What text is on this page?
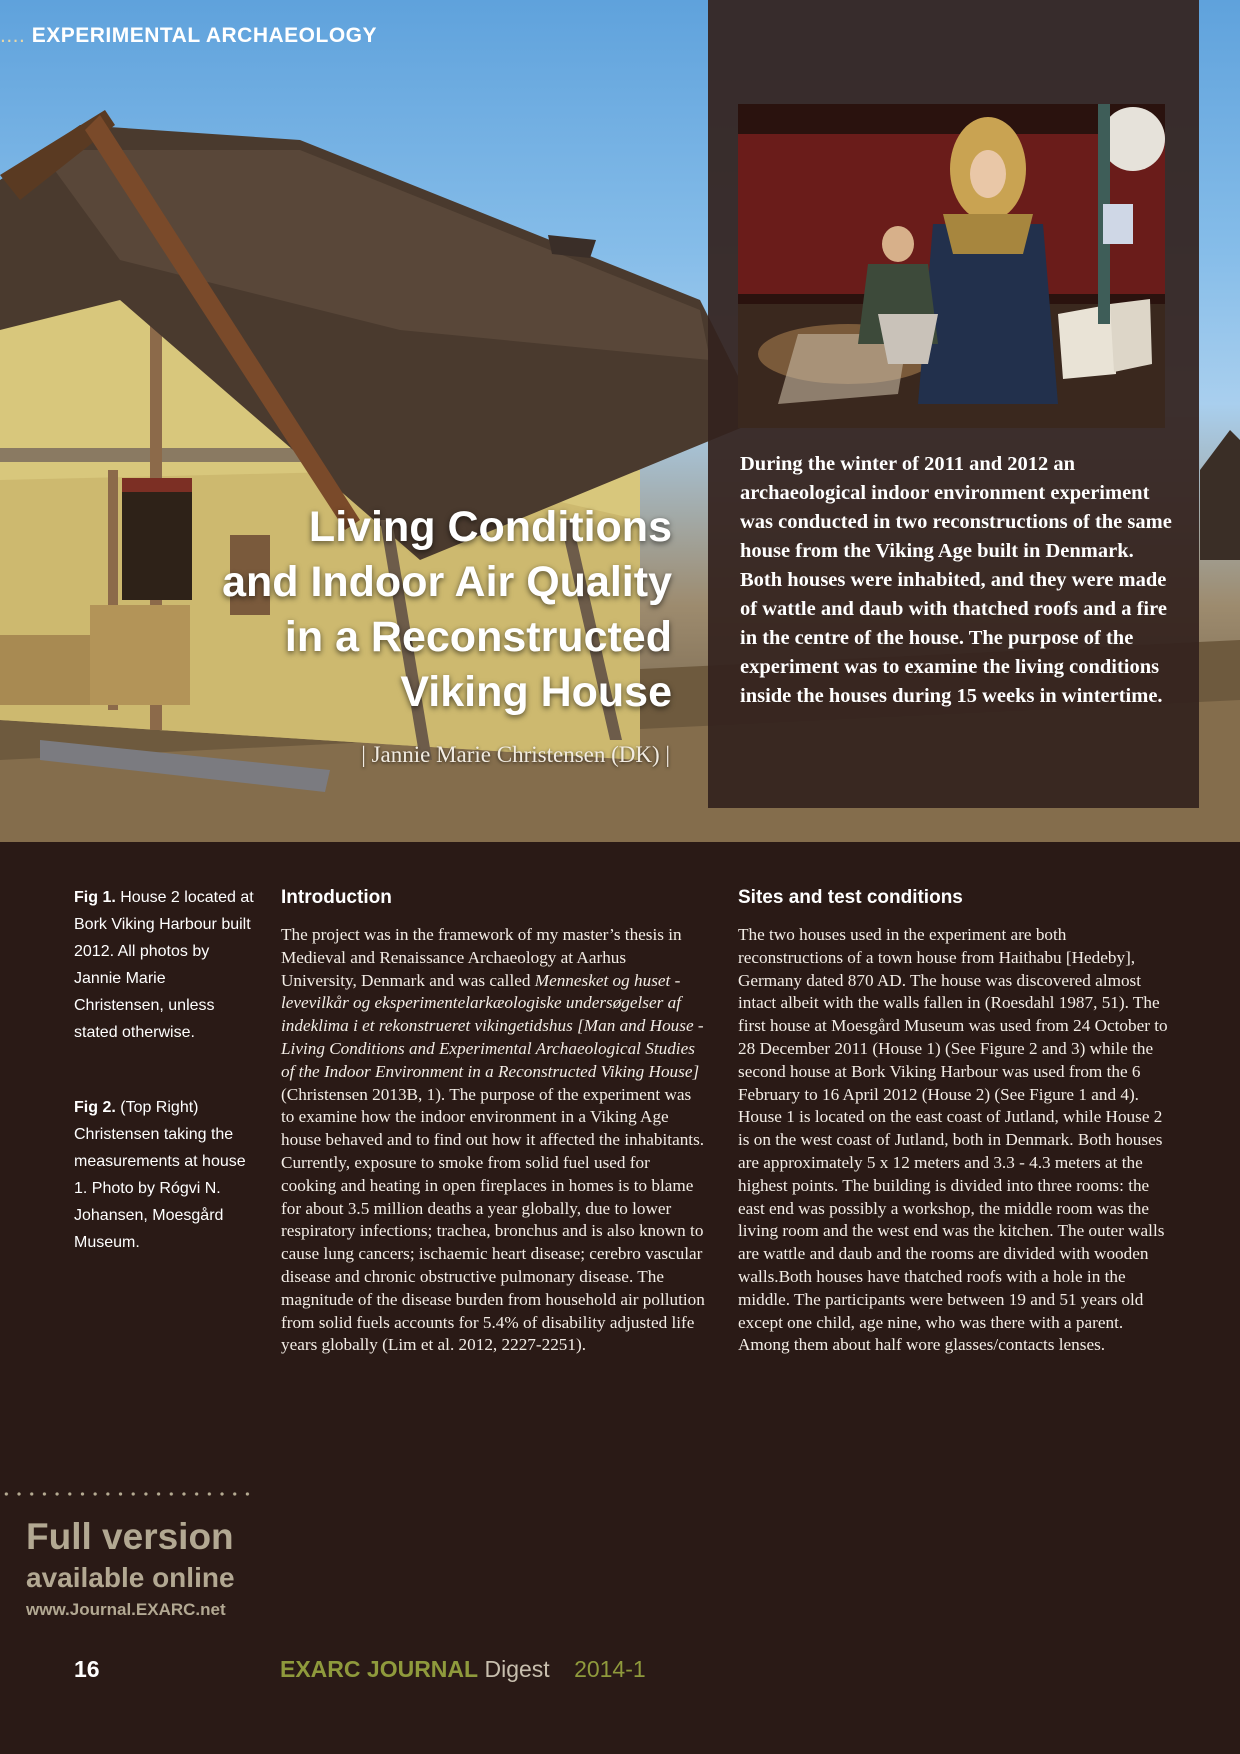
.... EXPERIMENTAL ARCHAEOLOGY
Living Conditions
and Indoor Air Quality
in a Reconstructed
Viking House
| Jannie Marie Christensen (DK) |
During the winter of 2011 and 2012 an archaeological indoor environment experiment was conducted in two reconstructions of the same house from the Viking Age built in Denmark. Both houses were inhabited, and they were made of wattle and daub with thatched roofs and a fire in the centre of the house. The purpose of the experiment was to examine the living conditions inside the houses during 15 weeks in wintertime.
Fig 1. House 2 located at Bork Viking Harbour built 2012. All photos by Jannie Marie Christensen, unless stated otherwise.
Fig 2. (Top Right) Christensen taking the measurements at house 1. Photo by Rógvi N. Johansen, Moesgård Museum.
Introduction

The project was in the framework of my master’s thesis in Medieval and Renaissance Archaeology at Aarhus University, Denmark and was called Mennesket og huset - levevilkår og eksperimentelarkæologiske undersøgelser af indeklima i et rekonstrueret vikingetidshus [Man and House - Living Conditions and Experimental Archaeological Studies of the Indoor Environment in a Reconstructed Viking House] (Christensen 2013B, 1). The purpose of the experiment was to examine how the indoor environment in a Viking Age house behaved and to find out how it affected the inhabitants. Currently, exposure to smoke from solid fuel used for cooking and heating in open fireplaces in homes is to blame for about 3.5 million deaths a year globally, due to lower respiratory infections; trachea, bronchus and is also known to cause lung cancers; ischaemic heart disease; cerebro vascular disease and chronic obstructive pulmonary disease. The magnitude of the disease burden from household air pollution from solid fuels accounts for 5.4% of disability adjusted life years globally (Lim et al. 2012, 2227-2251).

Sites and test conditions

The two houses used in the experiment are both reconstructions of a town house from Haithabu [Hedeby], Germany dated 870 AD. The house was discovered almost intact albeit with the walls fallen in (Roesdahl 1987, 51). The first house at Moesgård Museum was used from 24 October to 28 December 2011 (House 1) (See Figure 2 and 3) while the second house at Bork Viking Harbour was used from the 6 February to 16 April 2012 (House 2) (See Figure 1 and 4). House 1 is located on the east coast of Jutland, while House 2 is on the west coast of Jutland, both in Denmark. Both houses are approximately 5 x 12 meters and 3.3 - 4.3 meters at the highest points. The building is divided into three rooms: the east end was possibly a workshop, the middle room was the living room and the west end was the kitchen. The outer walls are wattle and daub and the rooms are divided with wooden walls.Both houses have thatched roofs with a hole in the middle. The participants were between 19 and 51 years old except one child, age nine, who was there with a parent. Among them about half wore glasses/contacts lenses.

Full version
available online
www.Journal.EXARC.net
16	EXARC JOURNAL Digest 2014-1
